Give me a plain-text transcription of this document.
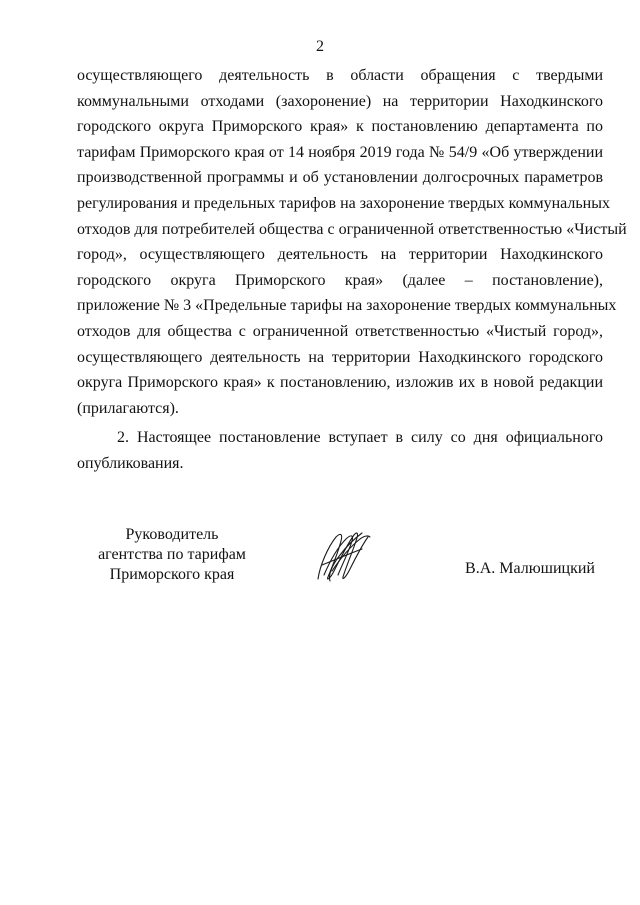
2
осуществляющего деятельность в области обращения с твердыми
коммунальными отходами (захоронение) на территории Находкинского
городского округа Приморского края» к постановлению департамента по
тарифам Приморского края от 14 ноября 2019 года № 54/9 «Об утверждении
производственной программы и об установлении долгосрочных параметров
регулирования и предельных тарифов на захоронение твердых коммунальных
отходов для потребителей общества с ограниченной ответственностью «Чистый
город», осуществляющего деятельность на территории Находкинского
городского округа Приморского края» (далее – постановление),
приложение № 3 «Предельные тарифы на захоронение твердых коммунальных
отходов для общества с ограниченной ответственностью «Чистый город»,
осуществляющего деятельность на территории Находкинского городского
округа Приморского края» к постановлению, изложив их в новой редакции
(прилагаются).
2. Настоящее постановление вступает в силу со дня официального
опубликования.
Руководитель
агентства по тарифам
Приморского края	В.А. Малюшицкий
